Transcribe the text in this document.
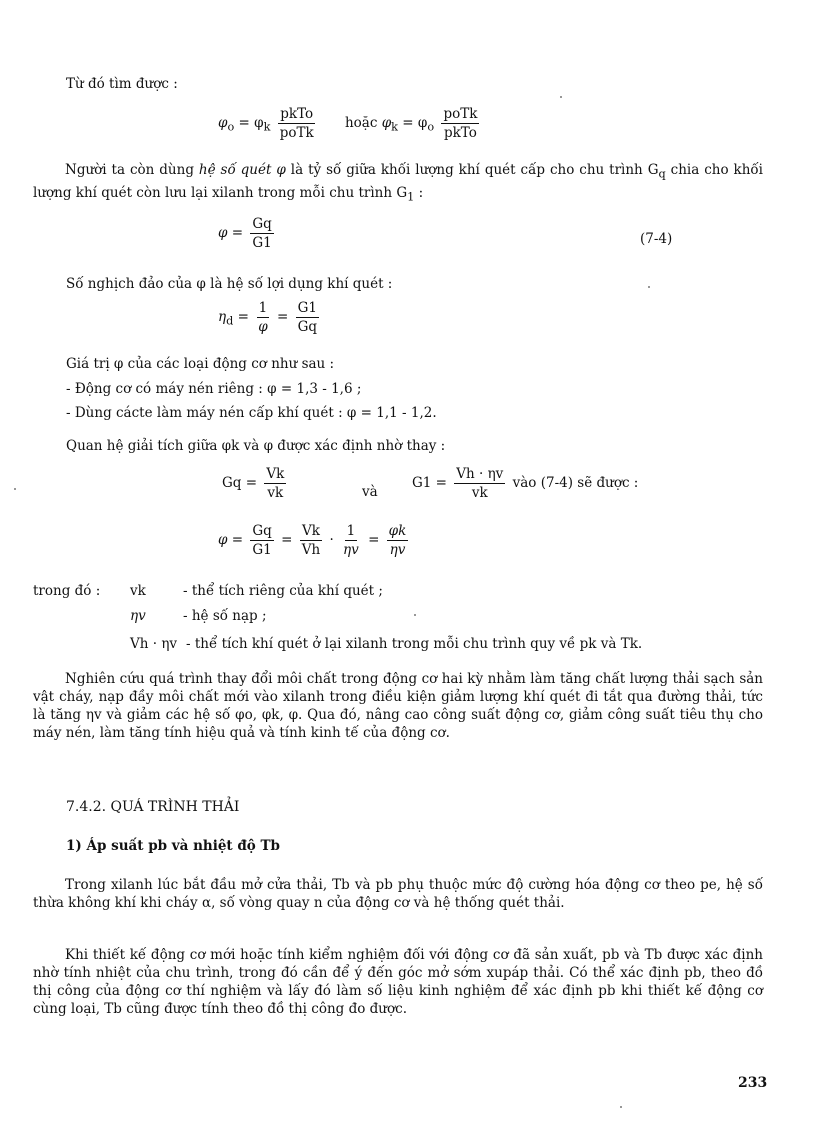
Từ đó tìm được :
$\varphi_o = \varphi_k \frac{\text{pkTo}}{\text{poTk}}$ hoặc $\varphi_k = \varphi_o \frac{\text{poTk}}{\text{pkTo}}$
Người ta còn dùng hệ số quét φ là tỷ số giữa khối lượng khí quét cấp cho chu trình $G_q$ chia cho khối lượng khí quét còn lưu lại xilanh trong mỗi chu trình $G_1$ :
$\varphi = \frac{Gq}{G1}$	(7-4)
Số nghịch đảo của φ là hệ số lợi dụng khí quét :
$\eta_d = \frac{1}{\varphi} = \frac{G1}{Gq}$
Giá trị φ của các loại động cơ như sau :
- Động cơ có máy nén riêng : φ = 1,3 - 1,6 ;
- Dùng cácte làm máy nén cấp khí quét : φ = 1,1 - 1,2.
Quan hệ giải tích giữa φk và φ được xác định nhờ thay :
$Gq = \frac{Vk}{vk}$	và
$G1 = \frac{Vh \cdot \eta v}{vk}$ vào (7-4) sẽ được :
$\varphi = \frac{Gq}{G1} = \frac{Vk}{Vh} \cdot \frac{1}{\eta v} = \frac{\varphi k}{\eta v}$
trong đó : vk	- thể tích riêng của khí quét ;
ηv	- hệ số nạp ;
Vh · ηv - thể tích khí quét ở lại xilanh trong mỗi chu trình quy về pk và Tk.
Nghiên cứu quá trình thay đổi môi chất trong động cơ hai kỳ nhằm làm tăng chất lượng thải sạch sản vật cháy, nạp đầy môi chất mới vào xilanh trong điều kiện giảm lượng khí quét đi tắt qua đường thải, tức là tăng ηv và giảm các hệ số φo, φk, φ. Qua đó, nâng cao công suất động cơ, giảm công suất tiêu thụ cho máy nén, làm tăng tính hiệu quả và tính kinh tế của động cơ.
7.4.2. QUÁ TRÌNH THẢI
1) Áp suất pb và nhiệt độ Tb
Trong xilanh lúc bắt đầu mở cửa thải, Tb và pb phụ thuộc mức độ cường hóa động cơ theo pe, hệ số thừa không khí khi cháy α, số vòng quay n của động cơ và hệ thống quét thải.
Khi thiết kế động cơ mới hoặc tính kiểm nghiệm đối với động cơ đã sản xuất, pb và Tb được xác định nhờ tính nhiệt của chu trình, trong đó cần để ý đến góc mở sớm xupáp thải. Có thể xác định pb, theo đồ thị công của động cơ thí nghiệm và lấy đó làm số liệu kinh nghiệm để xác định pb khi thiết kế động cơ cùng loại, Tb cũng được tính theo đồ thị công đo được.
233
